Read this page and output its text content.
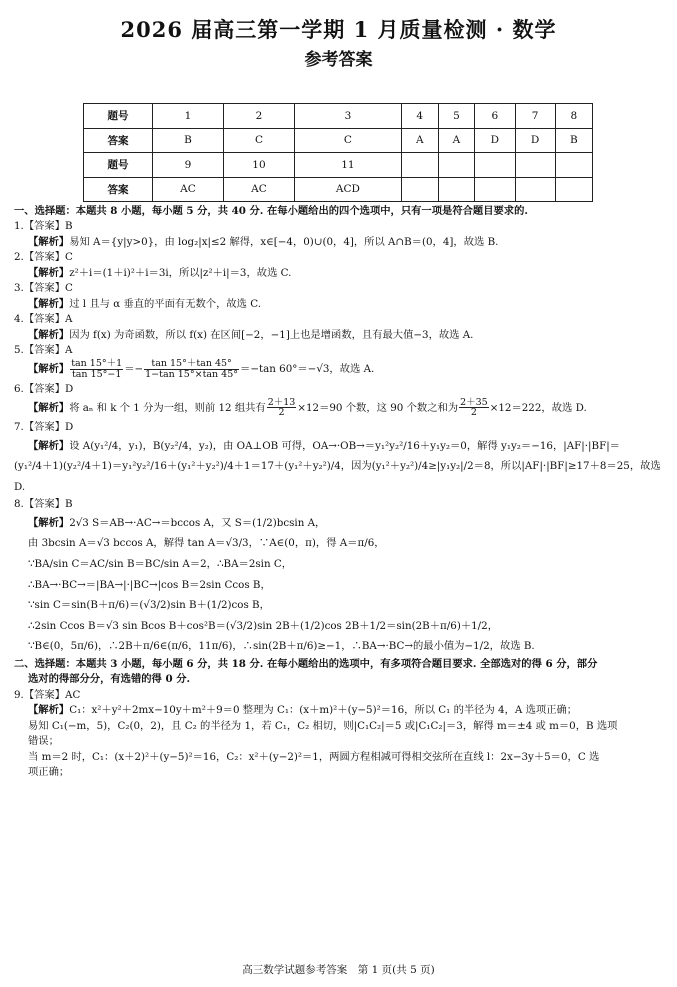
2026 届高三第一学期 1 月质量检测 · 数学
参考答案
题号	1	2	3	4	5	6	7	8
答案	B	C	C	A	A	D	D	B
题号	9	10	11					
答案	AC	AC	ACD					

一、选择题：本题共 8 小题，每小题 5 分，共 40 分. 在每小题给出的四个选项中，只有一项是符合题目要求的.

1.【答案】B

【解析】易知 A＝{y|y>0}，由 log₂|x|≤2 解得，x∈[−4，0)∪(0，4]，所以 A∩B＝(0，4]，故选 B.

2.【答案】C

【解析】z²＋i＝(1＋i)²＋i＝3i，所以|z²＋i|＝3，故选 C.

3.【答案】C

【解析】过 l 且与 α 垂直的平面有无数个，故选 C.

4.【答案】A

【解析】因为 f(x) 为奇函数，所以 f(x) 在区间[−2，−1]上也是增函数，且有最大值−3，故选 A.

5.【答案】A

【解析】 $\frac{\tan 15^\circ+1}{\tan 15^\circ-1} =- \frac{\tan 15^\circ+\tan 45^\circ}{1-\tan 15^\circ\times\tan 45^\circ} =-\tan$ 60°＝−√3，故选 A.

6.【答案】D

【解析】将 aₙ 和 k 个 1 分为一组，则前 12 组共有 $\frac{2+13}{2} \times 12=90$ 个数，这 90 个数之和为 $\frac{2+35}{2} \times 12=222$，故选 D.

7.【答案】D

【解析】设 A(y₁²/4，y₁)，B(y₂²/4，y₂)，由 OA⊥OB 可得，OA→·OB→＝y₁²y₂²/16＋y₁y₂＝0，解得 y₁y₂＝−16，|AF|·|BF|＝

(y₁²/4＋1)(y₂²/4＋1)＝y₁²y₂²/16＋(y₁²＋y₂²)/4＋1＝17＋(y₁²＋y₂²)/4，因为(y₁²＋y₂²)/4≥|y₁y₂|/2＝8，所以|AF|·|BF|≥17＋8＝25，故选 D.

8.【答案】B

【解析】2√3 S＝AB→·AC→＝bccos A，又 S＝(1/2)bcsin A，

由 3bcsin A＝√3 bccos A，解得 tan A＝√3/3，∵A∈(0，π)，得 A＝π/6，

∵BA/sin C＝AC/sin B＝BC/sin A＝2，∴BA＝2sin C，

∴BA→·BC→＝|BA→|·|BC→|cos B＝2sin Ccos B，

∵sin C＝sin(B＋π/6)＝(√3/2)sin B＋(1/2)cos B，

∴2sin Ccos B＝√3 sin Bcos B＋cos²B＝(√3/2)sin 2B＋(1/2)cos 2B＋1/2＝sin(2B＋π/6)＋1/2，

∵B∈(0，5π/6)，∴2B＋π/6∈(π/6，11π/6)，∴sin(2B＋π/6)≥−1，∴BA→·BC→的最小值为−1/2，故选 B.

二、选择题：本题共 3 小题，每小题 6 分，共 18 分. 在每小题给出的选项中，有多项符合题目要求. 全部选对的得 6 分，部分
选对的得部分分，有选错的得 0 分.

9.【答案】AC

【解析】C₁：x²＋y²＋2mx−10y＋m²＋9＝0 整理为 C₁：(x＋m)²＋(y−5)²＝16，所以 C₁ 的半径为 4，A 选项正确；

易知 C₁(−m，5)，C₂(0，2)，且 C₂ 的半径为 1，若 C₁，C₂ 相切，则|C₁C₂|＝5 或|C₁C₂|＝3，解得 m＝±4 或 m＝0，B 选项

错误；

当 m＝2 时，C₁：(x＋2)²＋(y−5)²＝16，C₂：x²＋(y−2)²＝1，两圆方程相减可得相交弦所在直线 l：2x−3y＋5＝0，C 选

项正确；

高三数学试题参考答案　第 1 页(共 5 页)
